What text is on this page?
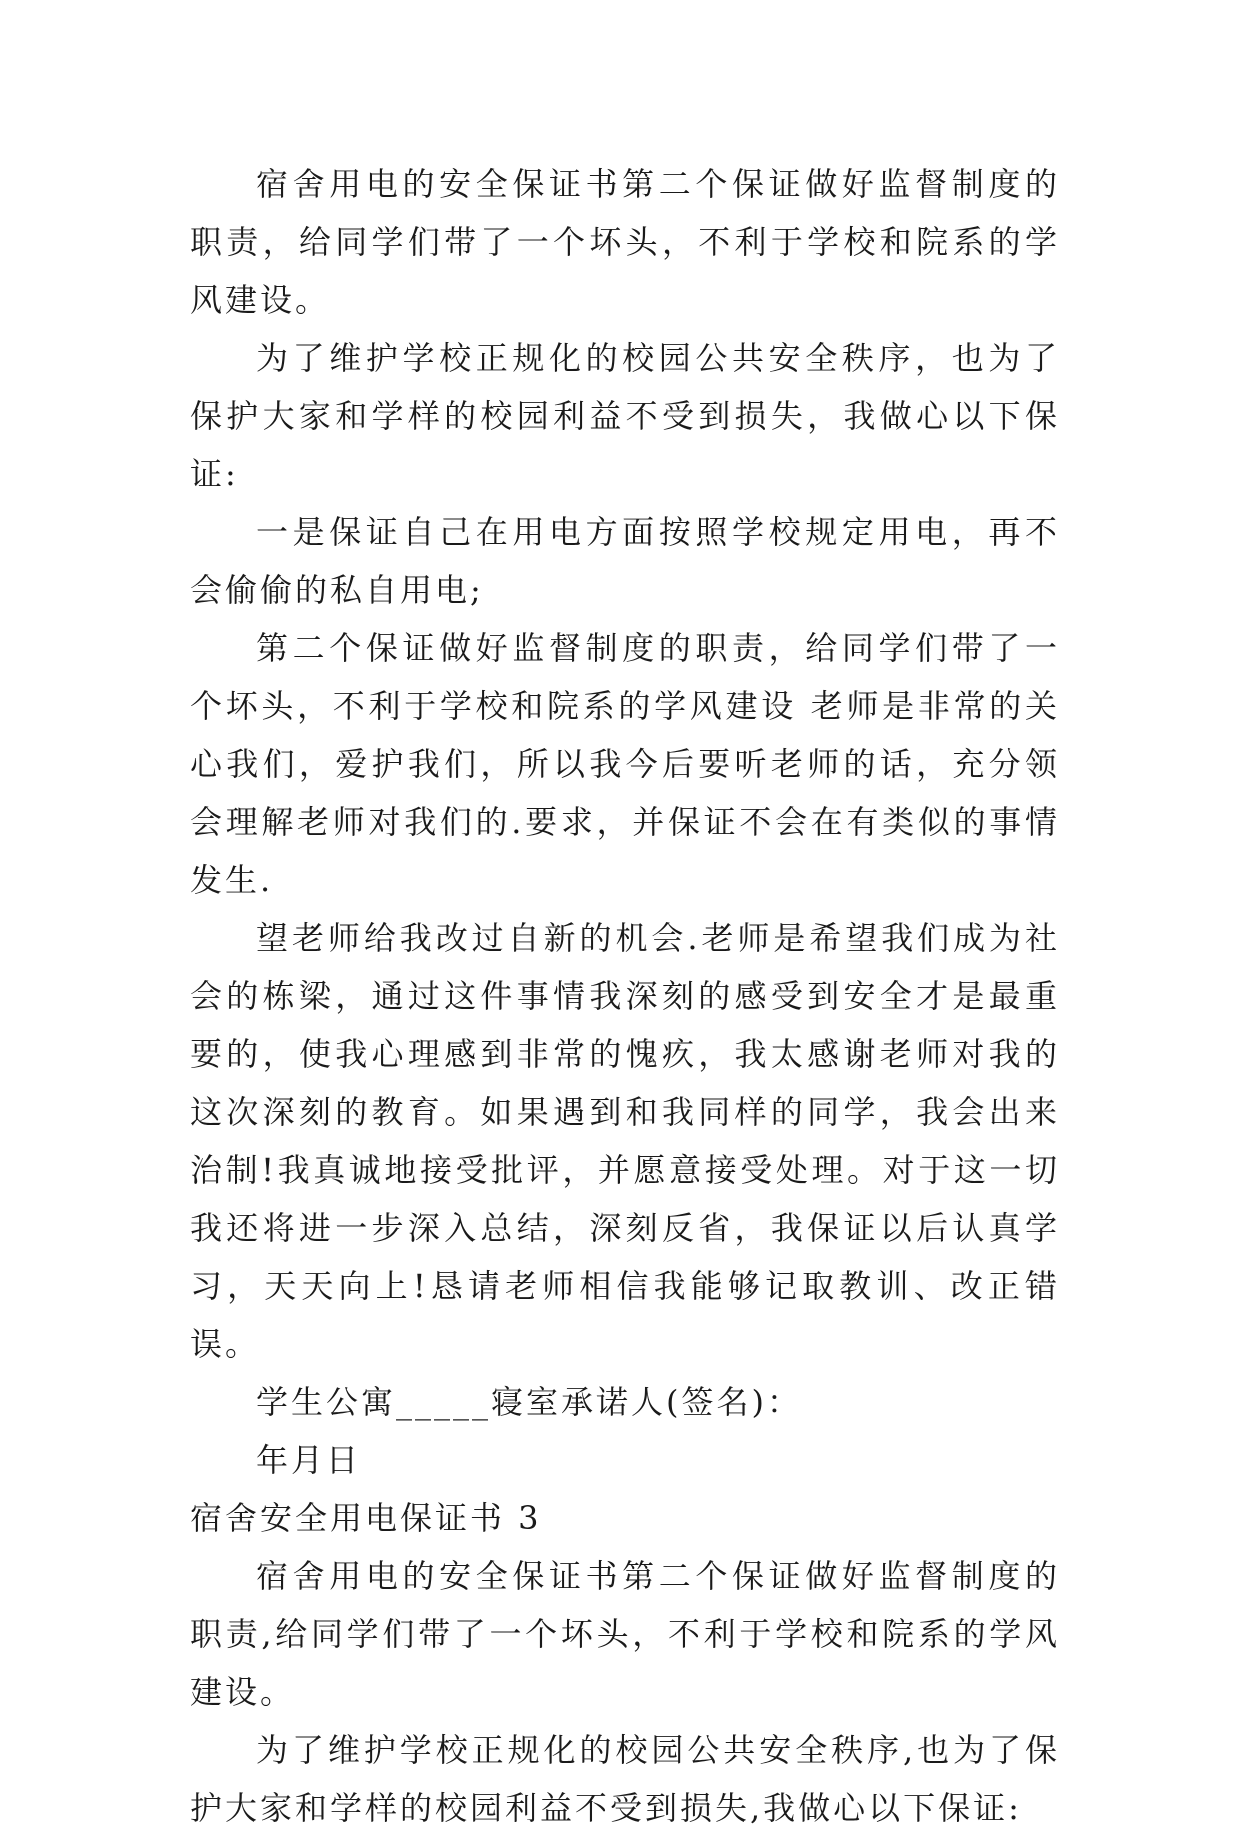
宿舍用电的安全保证书第二个保证做好监督制度的职责，给同学们带了一个坏头，不利于学校和院系的学风建设。

为了维护学校正规化的校园公共安全秩序，也为了保护大家和学样的校园利益不受到损失，我做心以下保证:

一是保证自己在用电方面按照学校规定用电，再不会偷偷的私自用电;

第二个保证做好监督制度的职责，给同学们带了一个坏头，不利于学校和院系的学风建设 老师是非常的关心我们，爱护我们，所以我今后要听老师的话，充分领会理解老师对我们的.要求，并保证不会在有类似的事情发生.

望老师给我改过自新的机会.老师是希望我们成为社会的栋梁，通过这件事情我深刻的感受到安全才是最重要的，使我心理感到非常的愧疚，我太感谢老师对我的这次深刻的教育。如果遇到和我同样的同学，我会出来治制!我真诚地接受批评，并愿意接受处理。对于这一切我还将进一步深入总结，深刻反省，我保证以后认真学习，天天向上!恳请老师相信我能够记取教训、改正错误。

学生公寓_____寝室承诺人(签名)：

年月日

宿舍安全用电保证书 3

宿舍用电的安全保证书第二个保证做好监督制度的职责,给同学们带了一个坏头，不利于学校和院系的学风建设。

为了维护学校正规化的校园公共安全秩序,也为了保护大家和学样的校园利益不受到损失,我做心以下保证:
